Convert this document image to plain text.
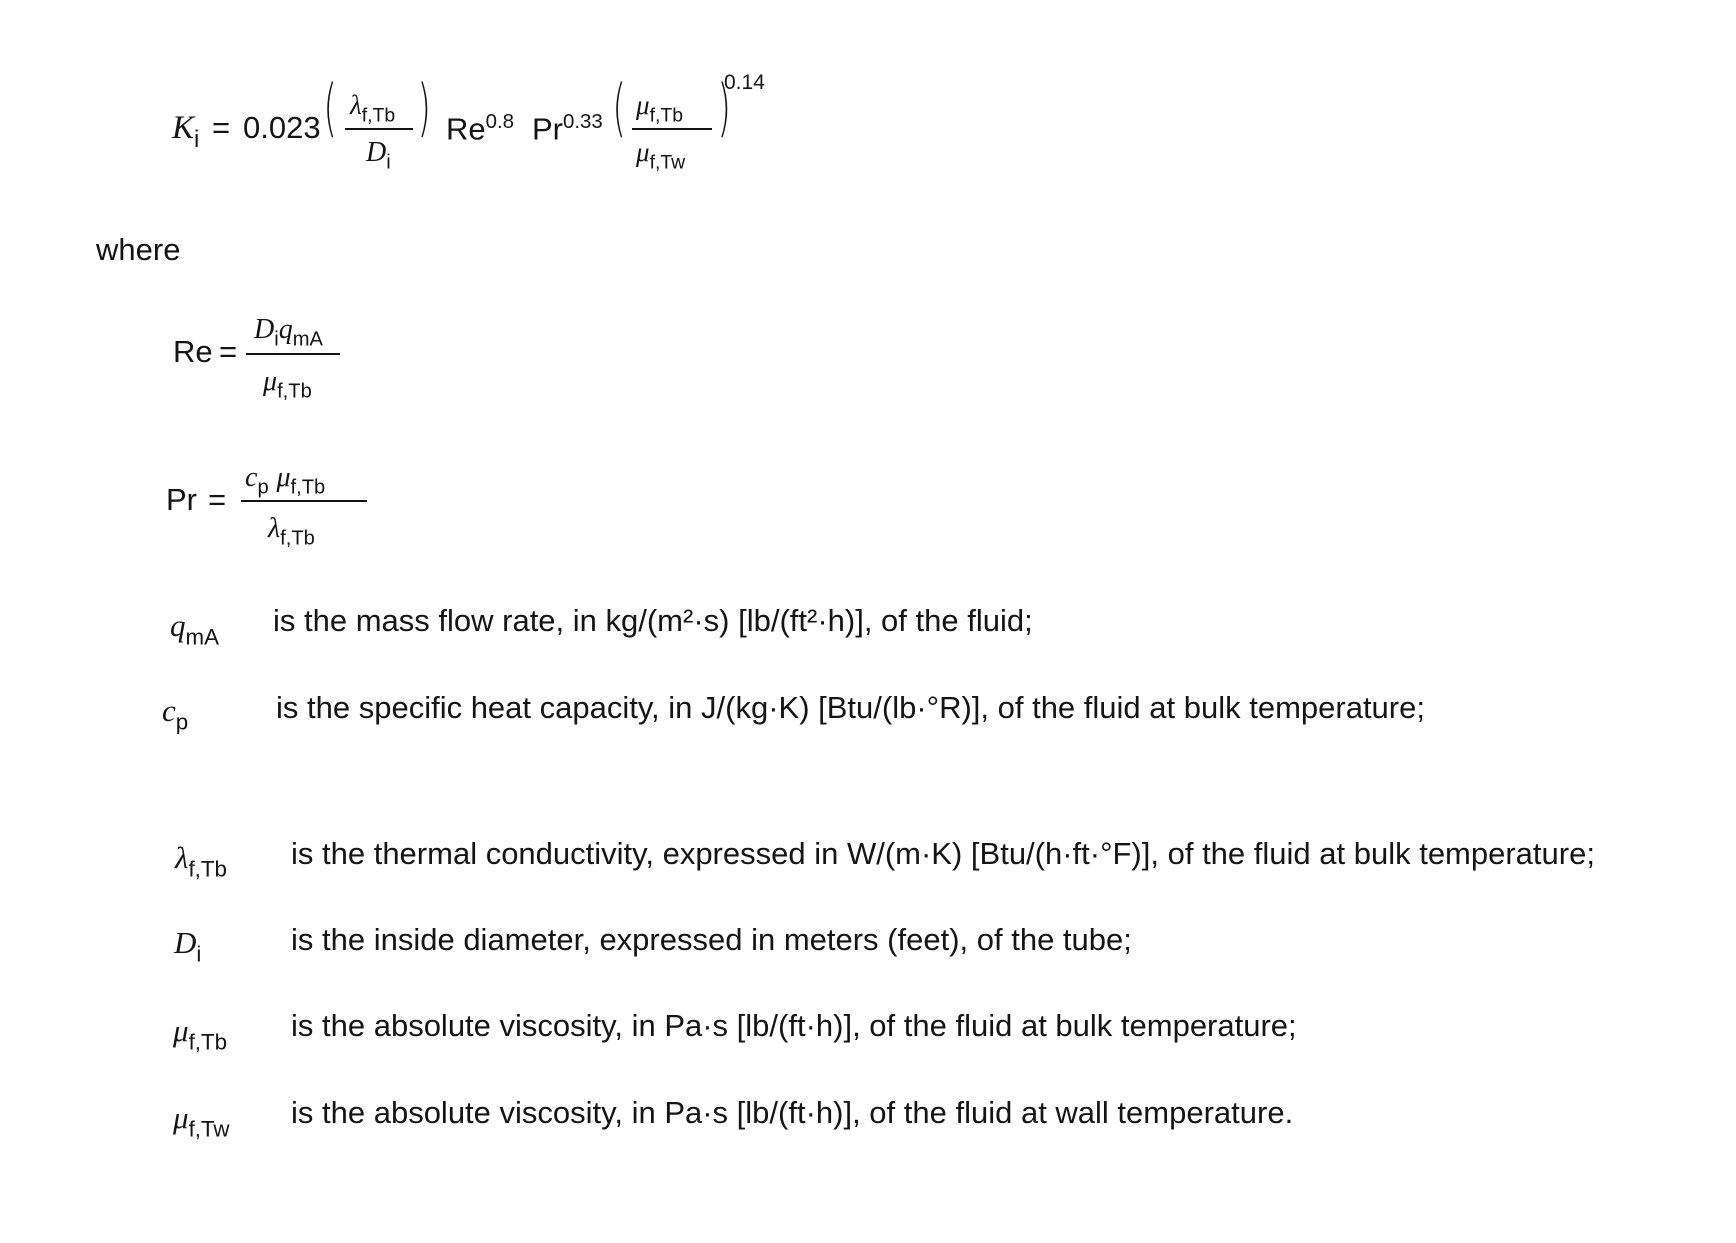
$K_i = 0.023$ ( $\lambda_{f,Tb}$
$D_i$
) $Re^{0.8}$ $Pr^{0.33}$ ( $\mu_{f,Tb}$
$\mu_{f,Tw}$
)
0.14
where
Re =
$D_iq_{mA}$
$\mu_{f,Tb}$
Pr =
$c_p$ $\mu_{f,Tb}$
$\lambda_{f,Tb}$
$q_{mA}$ is the mass flow rate, in kg/(m²·s) [lb/(ft²·h)], of the fluid;
$c_p$	is the specific heat capacity, in J/(kg·K) [Btu/(lb·°R)], of the fluid at bulk temperature;
$\lambda_{f,Tb}$ is the thermal conductivity, expressed in W/(m·K) [Btu/(h·ft·°F)], of the fluid at bulk temperature;
$D_i$	is the inside diameter, expressed in meters (feet), of the tube;
$\mu_{f,Tb}$ is the absolute viscosity, in Pa·s [lb/(ft·h)], of the fluid at bulk temperature;
$\mu_{f,Tw}$ is the absolute viscosity, in Pa·s [lb/(ft·h)], of the fluid at wall temperature.
